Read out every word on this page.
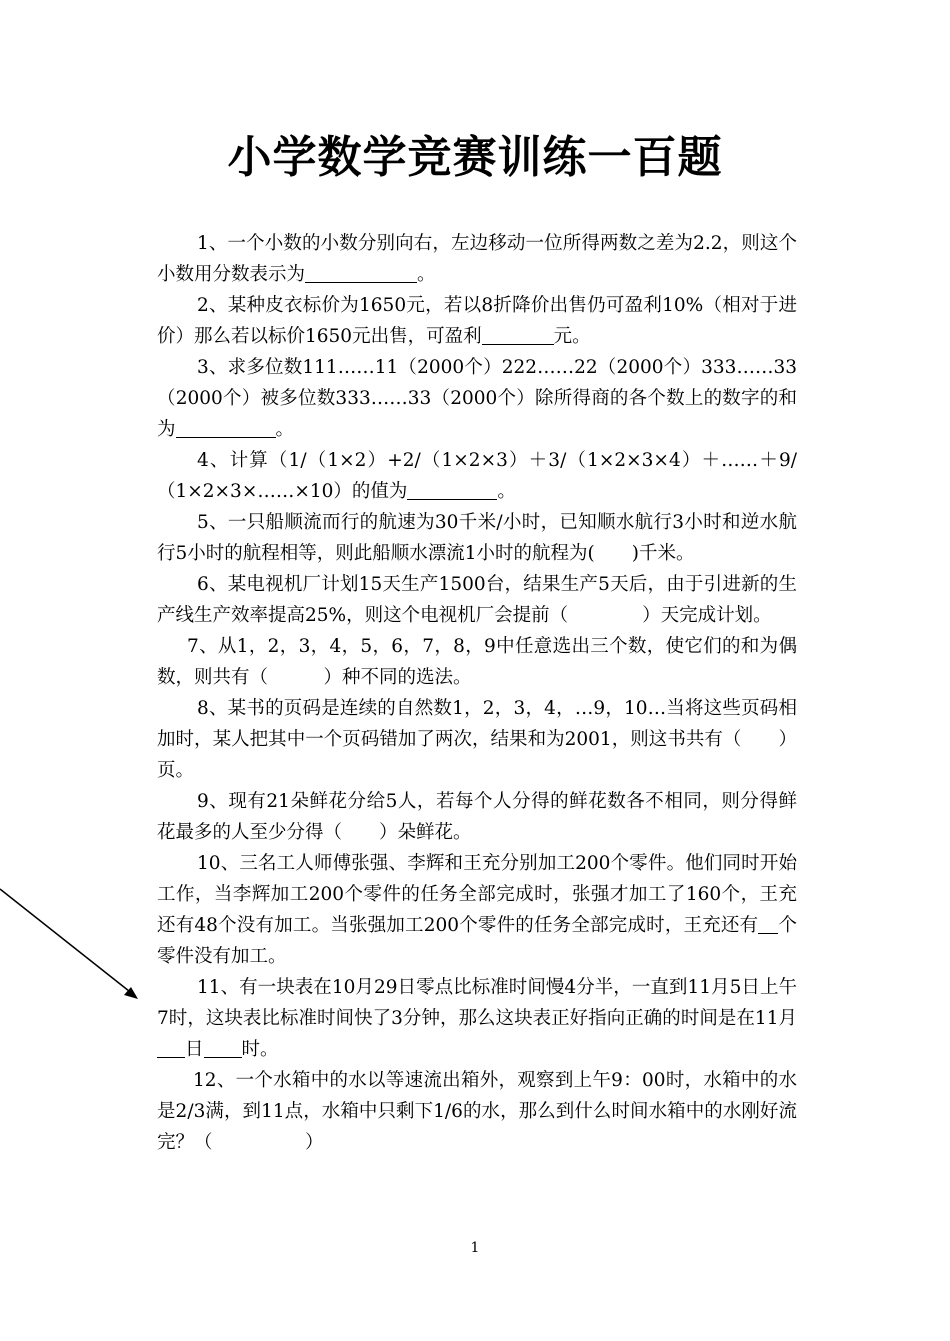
小学数学竞赛训练一百题

1、一个小数的小数分别向右，左边移动一位所得两数之差为2.2，则这个小数用分数表示为	。

2、某种皮衣标价为1650元，若以8折降价出售仍可盈利10%（相对于进价）那么若以标价1650元出售，可盈利	元。

3、求多位数111……11（2000个）222……22（2000个）333……33（2000个）被多位数333……33（2000个）除所得商的各个数上的数字的和为	。

4、计算（1/（1×2）+2/（1×2×3）＋3/（1×2×3×4）＋……＋9/ （1×2×3×……×10）的值为	。

5、一只船顺流而行的航速为30千米/小时，已知顺水航行3小时和逆水航行5小时的航程相等，则此船顺水漂流1小时的航程为(　　)千米。

6、某电视机厂计划15天生产1500台，结果生产5天后，由于引进新的生产线生产效率提高25%，则这个电视机厂会提前（　　　　）天完成计划。

7、从1，2，3，4，5，6，7，8，9中任意选出三个数，使它们的和为偶数，则共有（　　　）种不同的选法。

8、某书的页码是连续的自然数1，2，3，4，…9，10…当将这些页码相加时，某人把其中一个页码错加了两次，结果和为2001，则这书共有（　　）页。

9、现有21朵鲜花分给5人，若每个人分得的鲜花数各不相同，则分得鲜花最多的人至少分得（　　）朵鲜花。

10、三名工人师傅张强、李辉和王充分别加工200个零件。他们同时开始工作，当李辉加工200个零件的任务全部完成时，张强才加工了160个，王充还有48个没有加工。当张强加工200个零件的任务全部完成时，王充还有 个零件没有加工。

11、有一块表在10月29日零点比标准时间慢4分半，一直到11月5日上午7时，这块表比标准时间快了3分钟，那么这块表正好指向正确的时间是在11月日 时。

12、一个水箱中的水以等速流出箱外，观察到上午9：00时，水箱中的水是2/3满，到11点，水箱中只剩下1/6的水，那么到什么时间水箱中的水刚好流完？（　　　　　）

1
